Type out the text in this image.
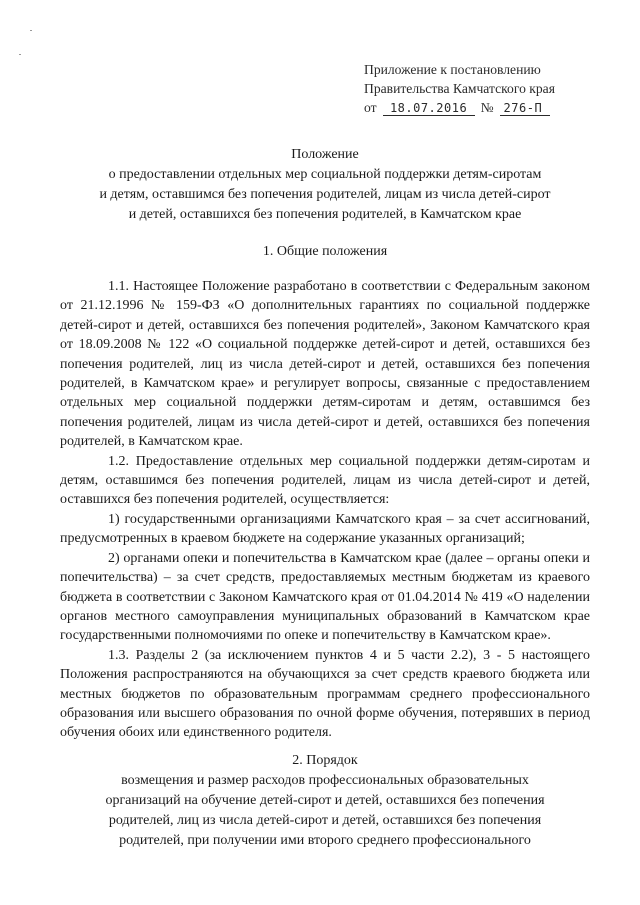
Приложение к постановлению
Правительства Камчатского края
от 18.07.2016 № 276-П
Положение
о предоставлении отдельных мер социальной поддержки детям-сиротам
и детям, оставшимся без попечения родителей, лицам из числа детей-сирот
и детей, оставшихся без попечения родителей, в Камчатском крае
1. Общие положения

1.1. Настоящее Положение разработано в соответствии с Федеральным законом от 21.12.1996 № 159-ФЗ «О дополнительных гарантиях по социальной поддержке детей-сирот и детей, оставшихся без попечения родителей», Законом Камчатского края от 18.09.2008 № 122 «О социальной поддержке детей-сирот и детей, оставшихся без попечения родителей, лиц из числа детей-сирот и детей, оставшихся без попечения родителей, в Камчатском крае» и регулирует вопросы, связанные с предоставлением отдельных мер социальной поддержки детям-сиротам и детям, оставшимся без попечения родителей, лицам из числа детей-сирот и детей, оставшихся без попечения родителей, в Камчатском крае.

1.2. Предоставление отдельных мер социальной поддержки детям-сиротам и детям, оставшимся без попечения родителей, лицам из числа детей-сирот и детей, оставшихся без попечения родителей, осуществляется:

1) государственными организациями Камчатского края – за счет ассигнований, предусмотренных в краевом бюджете на содержание указанных организаций;

2) органами опеки и попечительства в Камчатском крае (далее – органы опеки и попечительства) – за счет средств, предоставляемых местным бюджетам из краевого бюджета в соответствии с Законом Камчатского края от 01.04.2014 № 419 «О наделении органов местного самоуправления муниципальных образований в Камчатском крае государственными полномочиями по опеке и попечительству в Камчатском крае».

1.3. Разделы 2 (за исключением пунктов 4 и 5 части 2.2), 3 - 5 настоящего Положения распространяются на обучающихся за счет средств краевого бюджета или местных бюджетов по образовательным программам среднего профессионального образования или высшего образования по очной форме обучения, потерявших в период обучения обоих или единственного родителя.

2. Порядок
возмещения и размер расходов профессиональных образовательных
организаций на обучение детей-сирот и детей, оставшихся без попечения
родителей, лиц из числа детей-сирот и детей, оставшихся без попечения
родителей, при получении ими второго среднего профессионального
